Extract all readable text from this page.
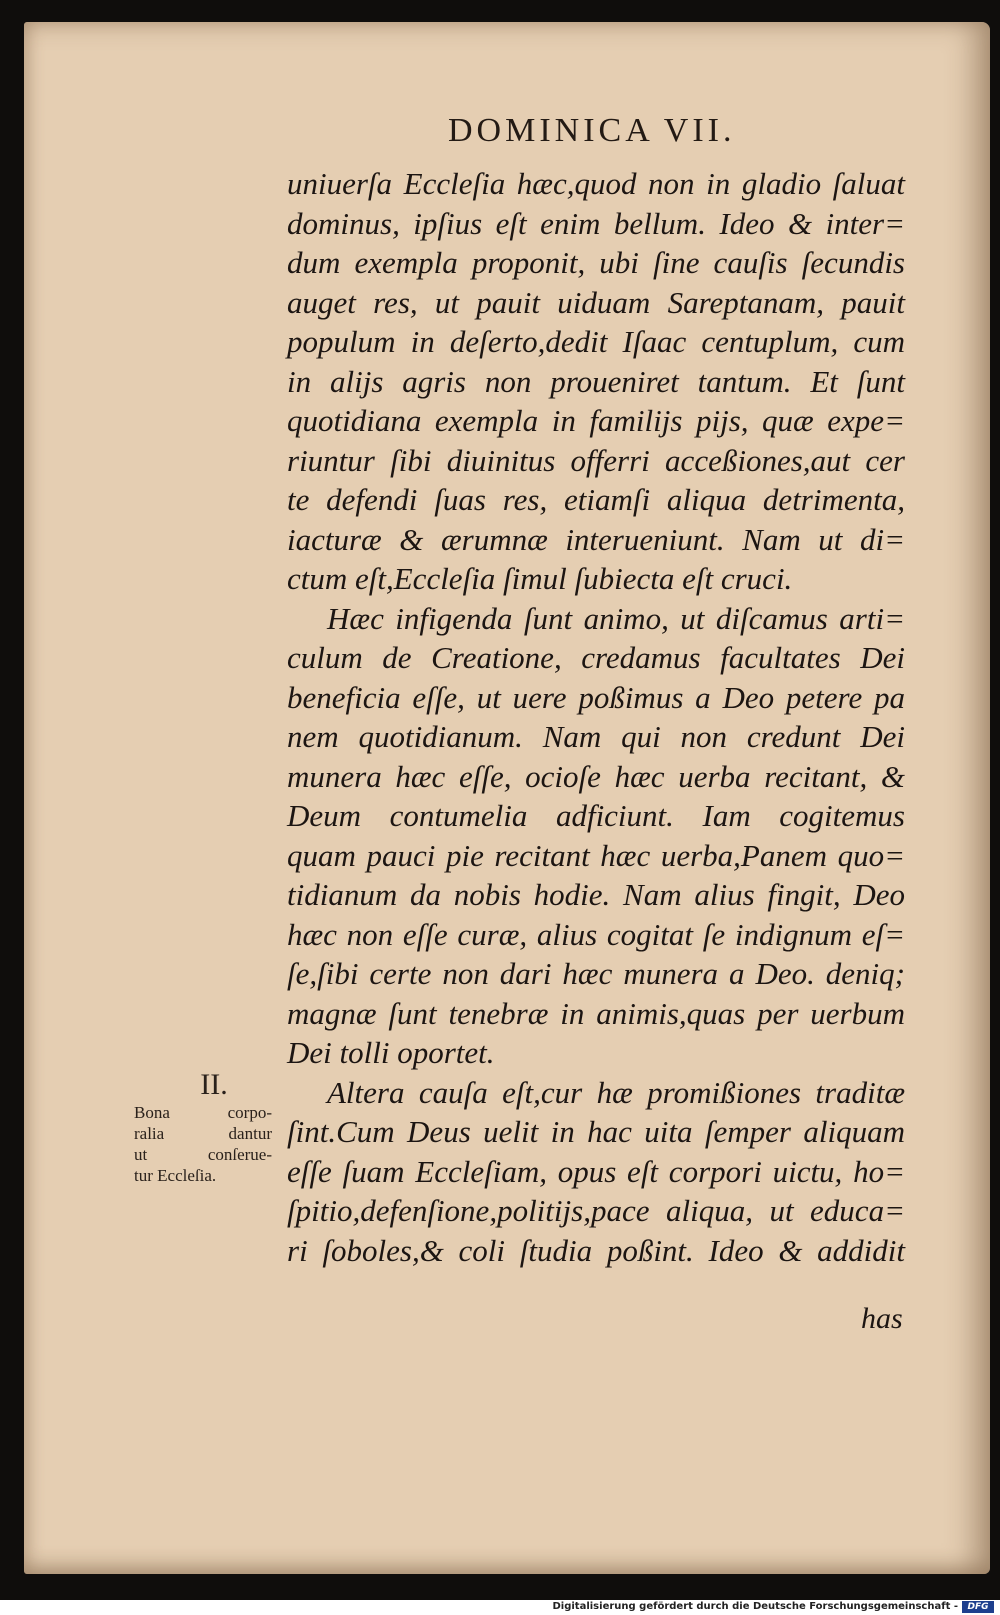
DOMINICA VII.
uniuerſa Eccleſia hæc,quod non in gladio ſaluat
dominus, ipſius eſt enim bellum. Ideo & inter=
dum exempla proponit, ubi ſine cauſis ſecundis
auget res, ut pauit uiduam Sareptanam, pauit
populum in deſerto,dedit Iſaac centuplum, cum
in alijs agris non proueniret tantum. Et ſunt
quotidiana exempla in familijs pijs, quæ expe=
riuntur ſibi diuinitus offerri acceßiones,aut cer
te defendi ſuas res, etiamſi aliqua detrimenta,
iacturæ & ærumnæ interueniunt. Nam ut di=
ctum eſt,Eccleſia ſimul ſubiecta eſt cruci.
Hæc infigenda ſunt animo, ut diſcamus arti=
culum de Creatione, credamus facultates Dei
beneficia eſſe, ut uere poßimus a Deo petere pa
nem quotidianum. Nam qui non credunt Dei
munera hæc eſſe, ocioſe hæc uerba recitant, &
Deum contumelia adficiunt. Iam cogitemus
quam pauci pie recitant hæc uerba,Panem quo=
tidianum da nobis hodie. Nam alius fingit, Deo
hæc non eſſe curæ, alius cogitat ſe indignum eſ=
ſe,ſibi certe non dari hæc munera a Deo. deniq;
magnæ ſunt tenebræ in animis,quas per uerbum
Dei tolli oportet.
Altera cauſa eſt,cur hæ promißiones traditæ
ſint.Cum Deus uelit in hac uita ſemper aliquam
eſſe ſuam Eccleſiam, opus eſt corpori uictu, ho=
ſpitio,defenſione,politijs,pace aliqua, ut educa=
ri ſoboles,& coli ſtudia poßint. Ideo & addidit
has
II.
Bona corpo-
ralia dantur
ut conſerue-
tur Eccleſia.
Digitalisierung gefördert durch die Deutsche Forschungsgemeinschaft -	DFG
